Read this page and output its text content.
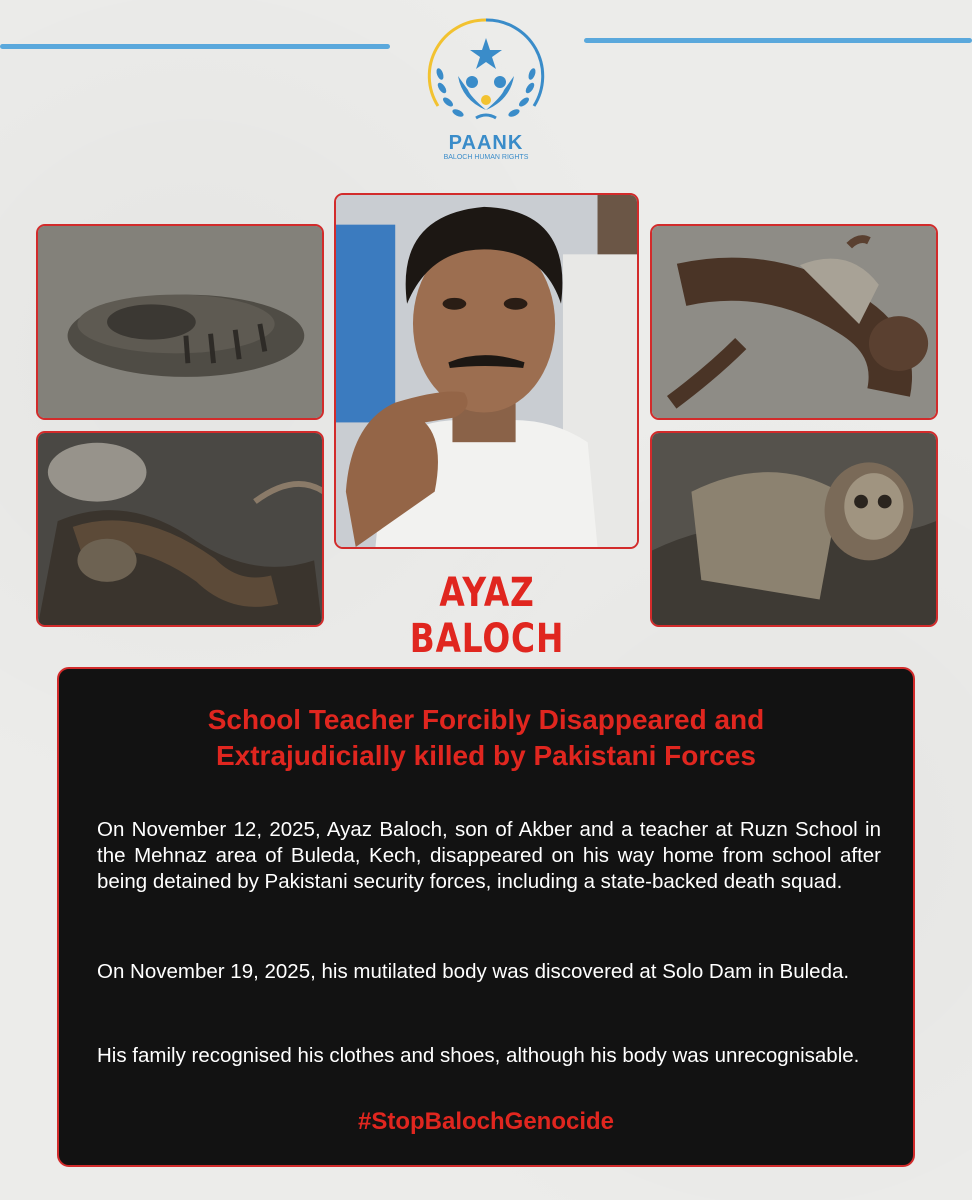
PAANK
BALOCH HUMAN RIGHTS
AYAZ BALOCH
School Teacher Forcibly Disappeared and
Extrajudicially killed by Pakistani Forces
On November 12, 2025, Ayaz Baloch, son of Akber and a teacher at Ruzn School in the Mehnaz area of Buleda, Kech, disappeared on his way home from school after being detained by Pakistani security forces, including a state-backed death squad.
On November 19, 2025, his mutilated body was discovered at Solo Dam in Buleda.
His family recognised his clothes and shoes, although his body was unrecognisable.
#StopBalochGenocide
